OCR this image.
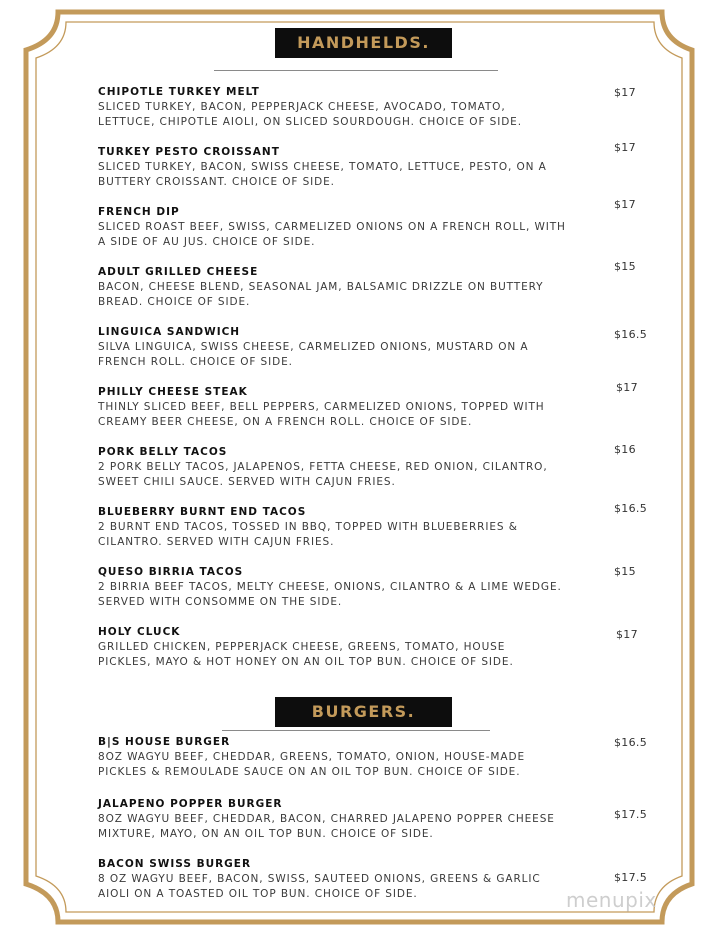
HANDHELDS.
CHIPOTLE TURKEY MELT
SLICED TURKEY, BACON, PEPPERJACK CHEESE, AVOCADO, TOMATO,
LETTUCE, CHIPOTLE AIOLI, ON SLICED SOURDOUGH. CHOICE OF SIDE.
$17
TURKEY PESTO CROISSANT
SLICED TURKEY, BACON, SWISS CHEESE, TOMATO, LETTUCE, PESTO, ON A
BUTTERY CROISSANT. CHOICE OF SIDE.
$17
FRENCH DIP
SLICED ROAST BEEF, SWISS, CARMELIZED ONIONS ON A FRENCH ROLL, WITH
A SIDE OF AU JUS. CHOICE OF SIDE.
$17
ADULT GRILLED CHEESE
BACON, CHEESE BLEND, SEASONAL JAM, BALSAMIC DRIZZLE ON BUTTERY
BREAD. CHOICE OF SIDE.
$15
LINGUICA SANDWICH
SILVA LINGUICA, SWISS CHEESE, CARMELIZED ONIONS, MUSTARD ON A
FRENCH ROLL. CHOICE OF SIDE.
$16.5
PHILLY CHEESE STEAK
THINLY SLICED BEEF, BELL PEPPERS, CARMELIZED ONIONS, TOPPED WITH
CREAMY BEER CHEESE, ON A FRENCH ROLL. CHOICE OF SIDE.
$17
PORK BELLY TACOS
2 PORK BELLY TACOS, JALAPENOS, FETTA CHEESE, RED ONION, CILANTRO,
SWEET CHILI SAUCE. SERVED WITH CAJUN FRIES.
$16
BLUEBERRY BURNT END TACOS
2 BURNT END TACOS, TOSSED IN BBQ, TOPPED WITH BLUEBERRIES &
CILANTRO. SERVED WITH CAJUN FRIES.
$16.5
QUESO BIRRIA TACOS
2 BIRRIA BEEF TACOS, MELTY CHEESE, ONIONS, CILANTRO & A LIME WEDGE.
SERVED WITH CONSOMME ON THE SIDE.
$15
HOLY CLUCK
GRILLED CHICKEN, PEPPERJACK CHEESE, GREENS, TOMATO, HOUSE
PICKLES, MAYO & HOT HONEY ON AN OIL TOP BUN. CHOICE OF SIDE.
$17
BURGERS.
B|S HOUSE BURGER
8OZ WAGYU BEEF, CHEDDAR, GREENS, TOMATO, ONION, HOUSE-MADE
PICKLES & REMOULADE SAUCE ON AN OIL TOP BUN. CHOICE OF SIDE.
$16.5
JALAPENO POPPER BURGER
8OZ WAGYU BEEF, CHEDDAR, BACON, CHARRED JALAPENO POPPER CHEESE
MIXTURE, MAYO, ON AN OIL TOP BUN. CHOICE OF SIDE.
$17.5
BACON SWISS BURGER
8 OZ WAGYU BEEF, BACON, SWISS, SAUTEED ONIONS, GREENS & GARLIC
AIOLI ON A TOASTED OIL TOP BUN. CHOICE OF SIDE.
$17.5
menupix
